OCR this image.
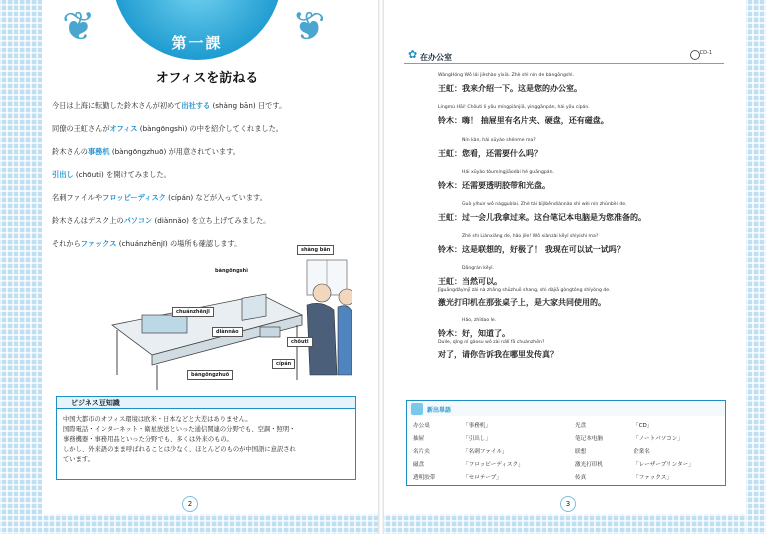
❦	❦
第一課
オフィスを訪ねる
今日は上海に転勤した鈴木さんが初めて出社する (shàng bān) 日です。
同僚の王虹さんがオフィス (bàngōngshì) の中を紹介してくれました。
鈴木さんの事務机 (bàngōngzhuō) が用意されています。
引出し (chōuti) を開けてみました。
名刺ファイルやフロッピーディスク (cípán) などが入っています。
鈴木さんはデスク上のパソコン (diànnǎo) を立ち上げてみました。
それからファックス (chuánzhēnjī) の場所も確認します。
shàng bān
bàngōngshì
chuánzhēnjī
diànnǎo
chōuti
cípán
bàngōngzhuō
ビジネス豆知識
中国大都市のオフィス環境は欧米・日本などと大差はありません。
国際電話・インターネット・衛星放送といった通信関連の分野でも、空調・照明・
事務機器・事務用品といった分野でも、多くは外来のもの。
しかし、外来語のまま呼ばれることは少なく、ほとんどのものが中国語に意訳され
ています。
2
✿ 在办公室	CD-1
WángHóng Wǒ lái jièshào yíxià. Zhè shì nín de bàngōngshì.
王虹： 我来介绍一下。这是您的办公室。
Língmù Hāi! Chōuti li yǒu míngpiànjiā, yìnggānpán, hái yǒu cípán.
铃木： 嗨！ 抽屉里有名片夹、硬盘，还有磁盘。
Nín kàn, hái xūyào shénme ma?
王虹： 您看，还需要什么吗？
Hái xūyào tòumíngjiāodài hé guāngpán.
铃木： 还需要透明胶带和光盘。
Guò yíhuìr wǒ nágguòlai. Zhè tái bǐjìběndiànnǎo shì wèi nín zhǔnbèi de.
王虹： 过一会儿我拿过来。这台笔记本电脑是为您准备的。
Zhè shì Liánxiǎng de, hǎo jíle! Wǒ xiànzài kěyǐ shìyishì ma?
铃木： 这是联想的，好极了！ 我现在可以试一试吗？
Dāngrán kěyǐ.
王虹： 当然可以。
Jīguāngdǎyìnjī zài nà zhāng shūzhuō shang, shì dàjiā gòngtóng shǐyòng de.
激光打印机在那张桌子上，是大家共同使用的。
Hǎo, zhīdao le.
铃木： 好，知道了。
Duìle, qǐng nǐ gàosu wǒ zài nǎlǐ fā chuánzhēn?
对了，请你告诉我在哪里发传真？
新出単語
办公桌	「事務机」	光盘	「CD」
抽屉	「引出し」	笔记本电脑	「ノートパソコン」
名片夹	「名刺ファイル」	联想	企業名
磁盘	「フロッピーディスク」	激光打印机	「レーザープリンター」
透明胶带	「セロテープ」	传真	「ファックス」
3
